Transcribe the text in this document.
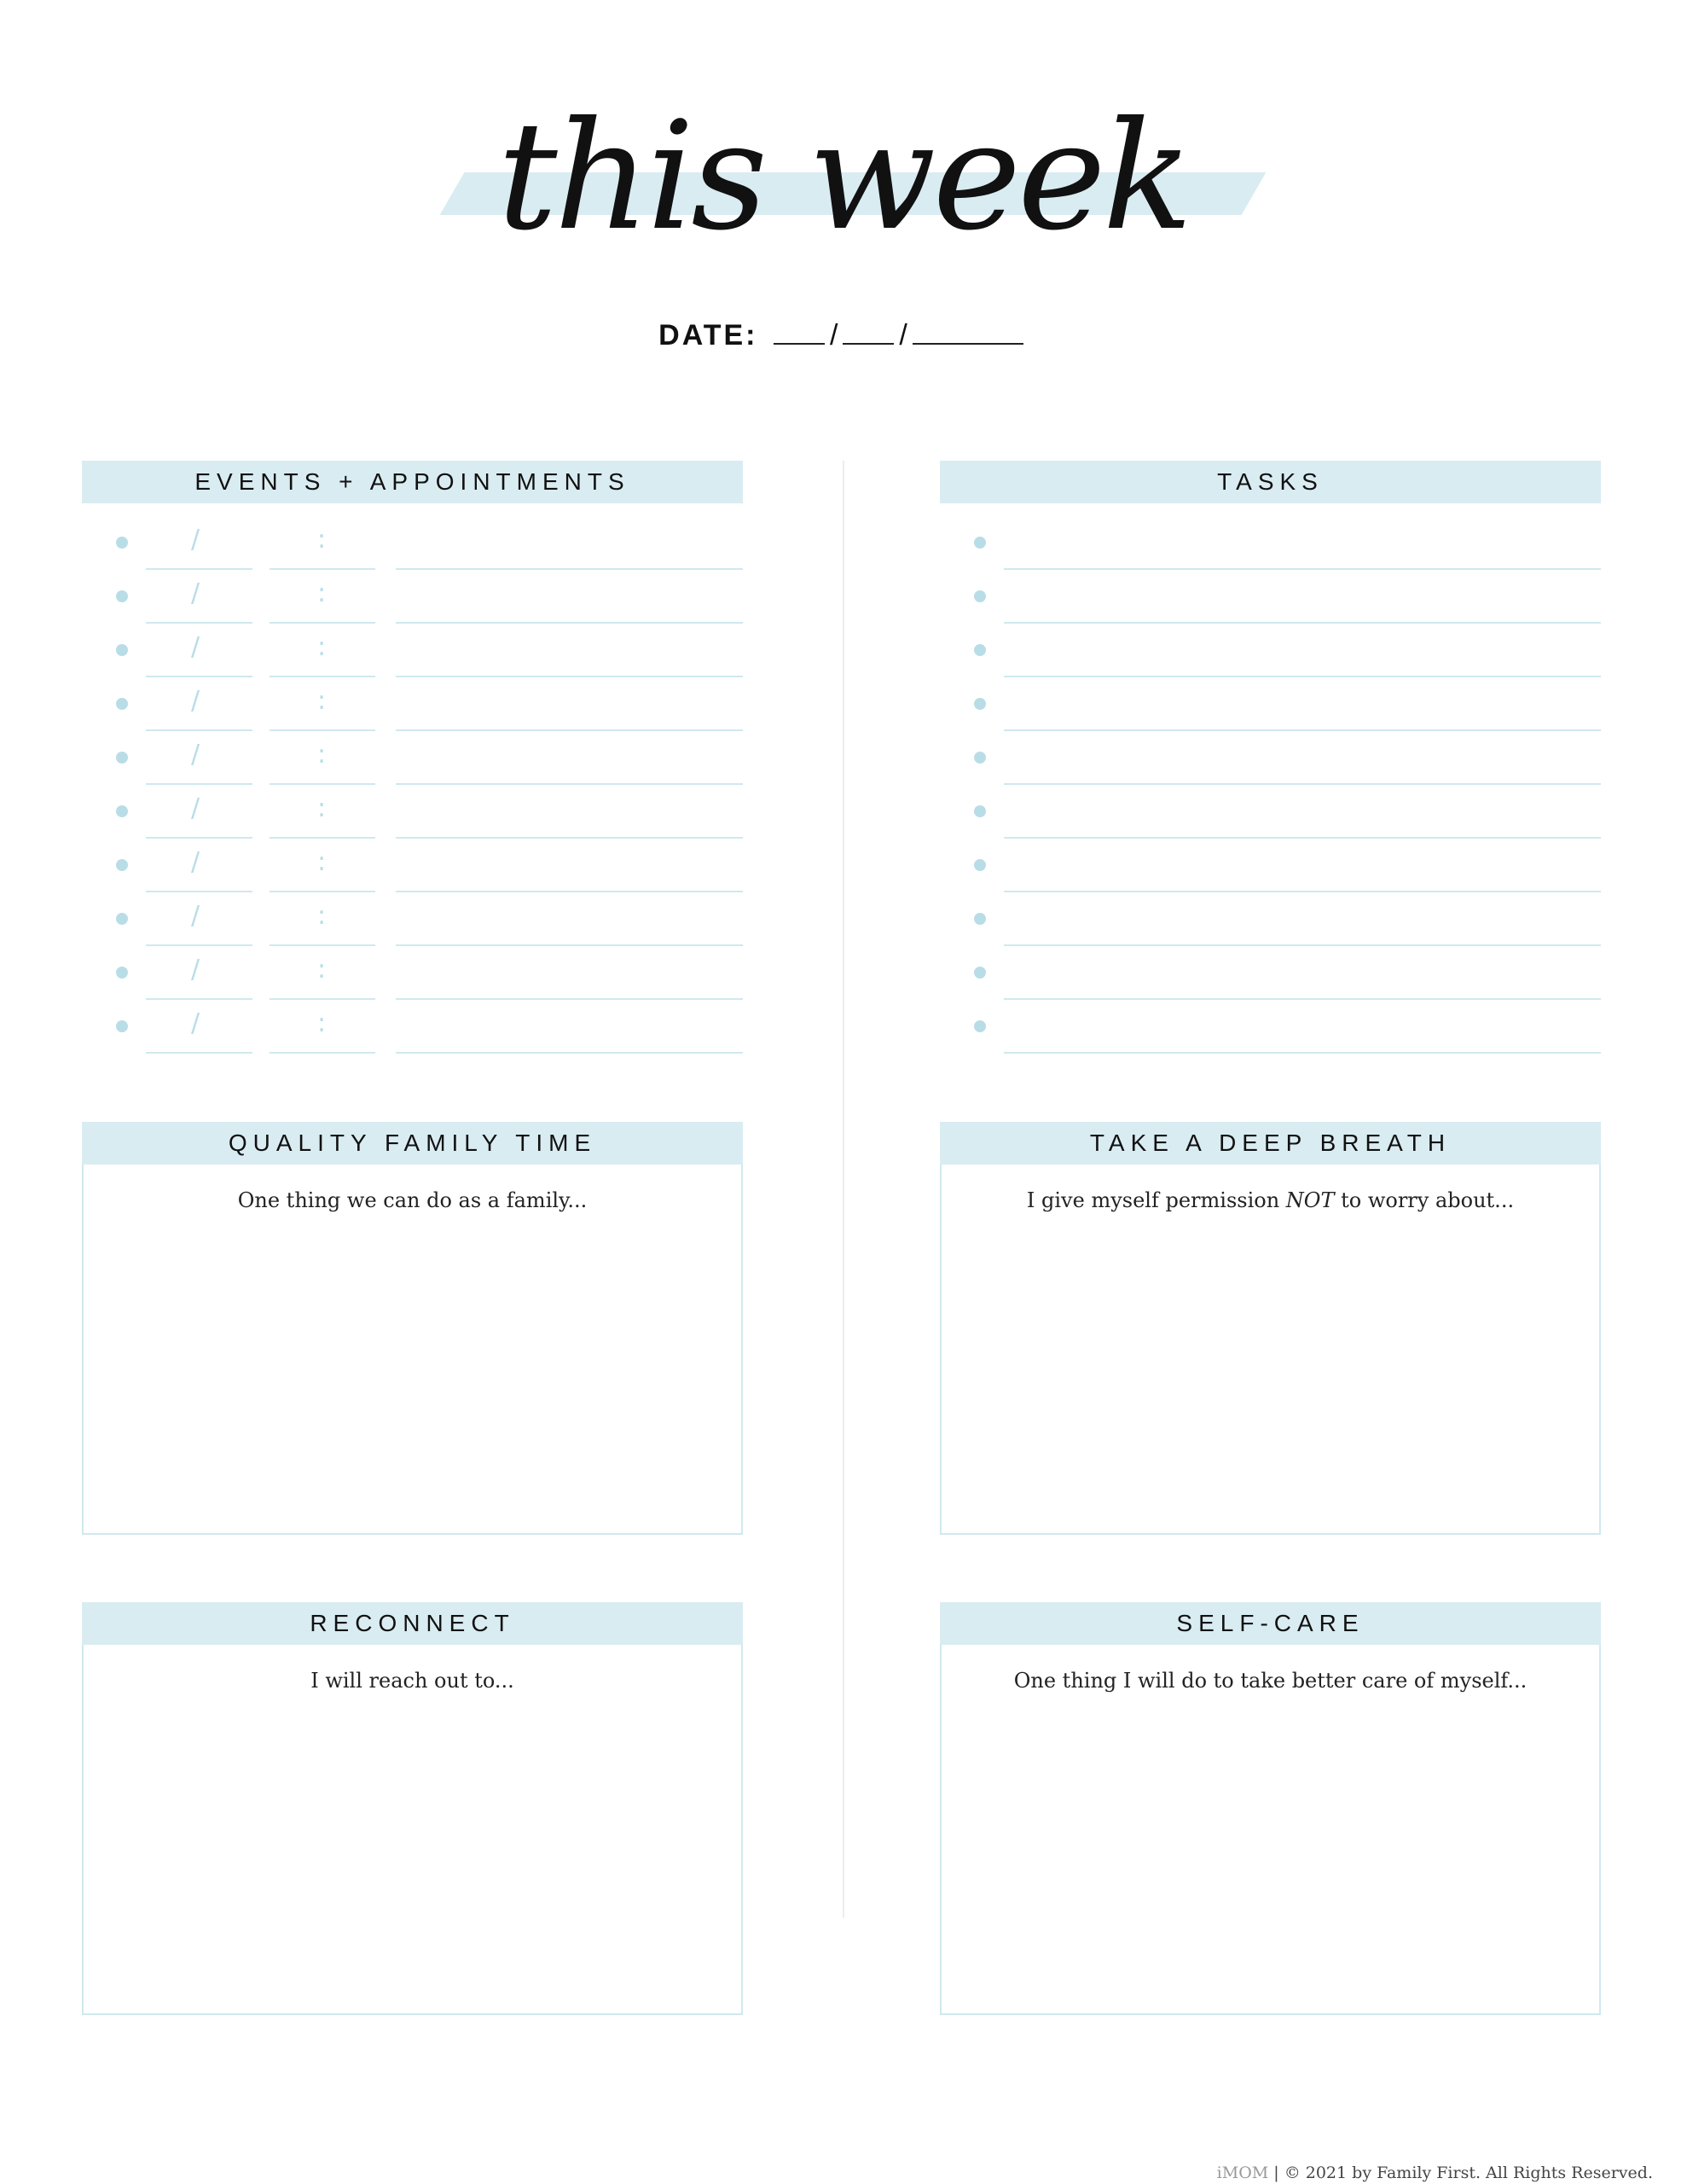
this week
DATE: / /
EVENTS + APPOINTMENTS
/	:
/	:
/	:
/	:
/	:
/	:
/	:
/	:
/	:
/	:
TASKS
QUALITY FAMILY TIME
One thing we can do as a family...
TAKE A DEEP BREATH
I give myself permission NOT to worry about...
RECONNECT
I will reach out to...
SELF-CARE
One thing I will do to take better care of myself...
iMOM | © 2021 by Family First. All Rights Reserved.
